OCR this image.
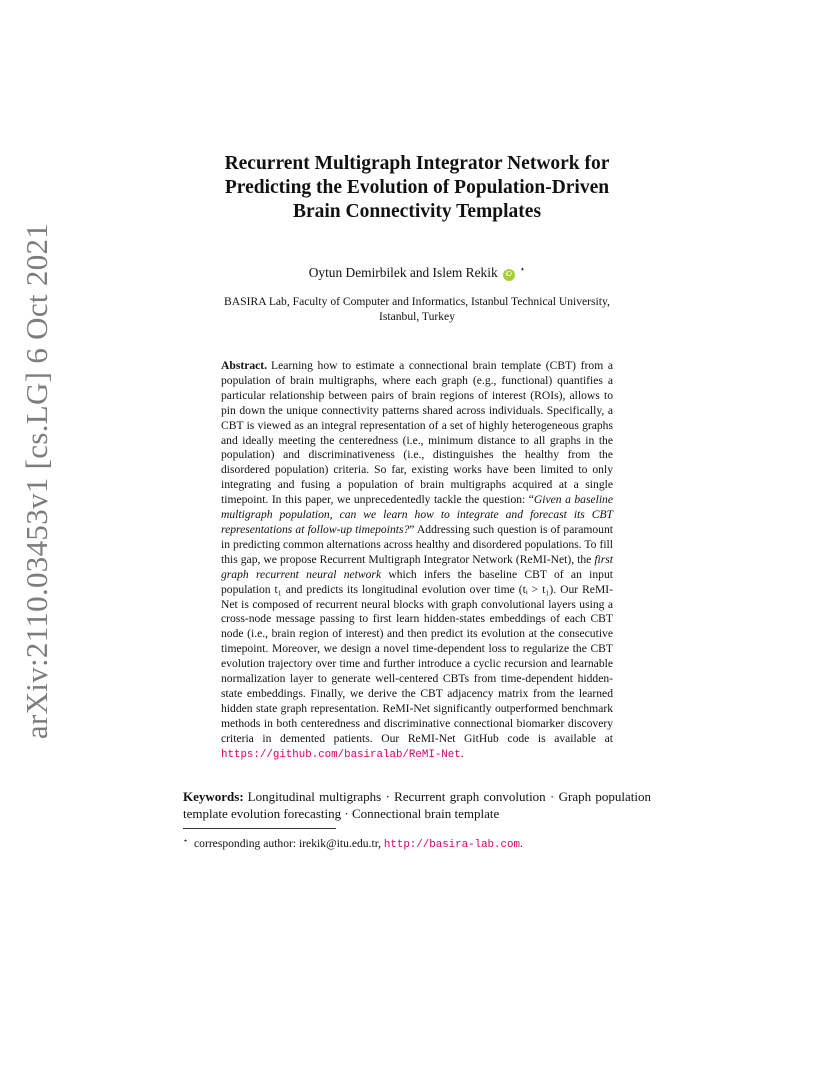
arXiv:2110.03453v1 [cs.LG] 6 Oct 2021
Recurrent Multigraph Integrator Network for
Predicting the Evolution of Population-Driven
Brain Connectivity Templates
Oytun Demirbilek and Islem Rekik iD⋆
BASIRA Lab, Faculty of Computer and Informatics, Istanbul Technical University,
Istanbul, Turkey
Abstract. Learning how to estimate a connectional brain template (CBT) from a population of brain multigraphs, where each graph (e.g., functional) quantifies a particular relationship between pairs of brain regions of interest (ROIs), allows to pin down the unique connectivity patterns shared across individuals. Specifically, a CBT is viewed as an integral representation of a set of highly heterogeneous graphs and ideally meeting the centeredness (i.e., minimum distance to all graphs in the population) and discriminativeness (i.e., distinguishes the healthy from the disordered population) criteria. So far, existing works have been limited to only integrating and fusing a population of brain multigraphs acquired at a single timepoint. In this paper, we unprecedentedly tackle the question: “Given a baseline multigraph population, can we learn how to integrate and forecast its CBT representations at follow-up timepoints?” Addressing such question is of paramount in predicting common alternations across healthy and disordered populations. To fill this gap, we propose Recurrent Multigraph Integrator Network (ReMI-Net), the first graph recurrent neural network which infers the baseline CBT of an input population t₁ and predicts its longitudinal evolution over time (tᵢ > t₁). Our ReMI-Net is composed of recurrent neural blocks with graph convolutional layers using a cross-node message passing to first learn hidden-states embeddings of each CBT node (i.e., brain region of interest) and then predict its evolution at the consecutive timepoint. Moreover, we design a novel time-dependent loss to regularize the CBT evolution trajectory over time and further introduce a cyclic recursion and learnable normalization layer to generate well-centered CBTs from time-dependent hidden-state embeddings. Finally, we derive the CBT adjacency matrix from the learned hidden state graph representation. ReMI-Net significantly outperformed benchmark methods in both centeredness and discriminative connectional biomarker discovery criteria in demented patients. Our ReMI-Net GitHub code is available at https://github.com/basiralab/ReMI-Net.
Keywords: Longitudinal multigraphs · Recurrent graph convolution · Graph population template evolution forecasting · Connectional brain template
⋆ corresponding author: irekik@itu.edu.tr, http://basira-lab.com.
